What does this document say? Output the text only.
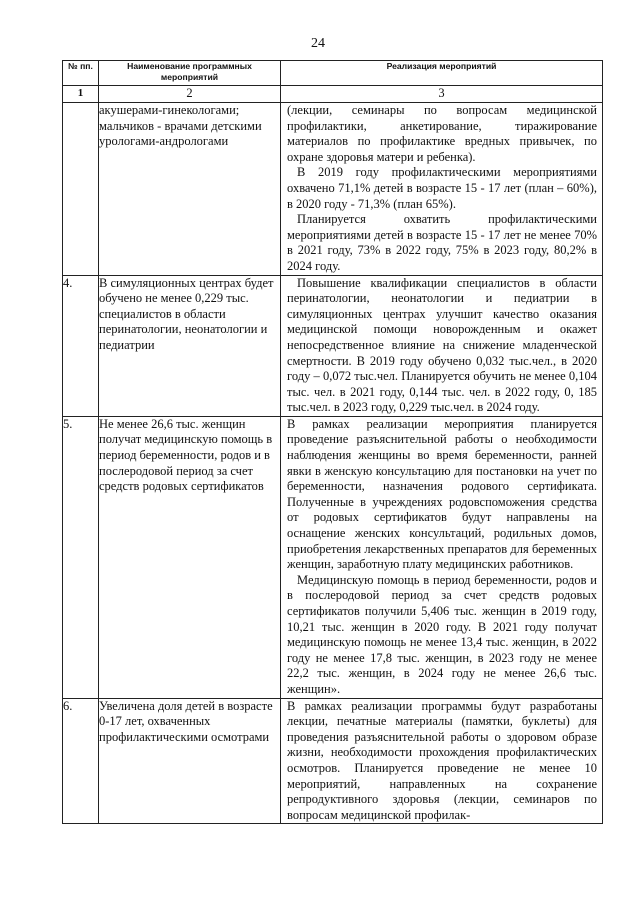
24
№ пп.	Наименование программных мероприятий	Реализация мероприятий
1	2	3
	акушерами-гинекологами; мальчиков - врачами детскими урологами-андрологами	(лекции, семинары по вопросам медицинской профилактики, анкетирование, тиражирование материалов по профилактике вредных привычек, по охране здоровья матери и ребенка).

В 2019 году профилактическими мероприятиями охвачено 71,1% детей в возрасте 15 - 17 лет (план – 60%), в 2020 году - 71,3% (план 65%).

Планируется охватить профилактическими мероприятиями детей в возрасте 15 - 17 лет не менее 70% в 2021 году, 73% в 2022 году, 75% в 2023 году, 80,2% в 2024 году.

4.	В симуляционных центрах будет обучено не менее 0,229 тыс. специалистов в области перинатологии, неонатологии и педиатрии	Повышение квалификации специалистов в области перинатологии, неонатологии и педиатрии в симуляционных центрах улучшит качество оказания медицинской помощи новорожденным и окажет непосредственное влияние на снижение младенческой смертности. В 2019 году обучено 0,032 тыс.чел., в 2020 году – 0,072 тыс.чел. Планируется обучить не менее 0,104 тыс. чел. в 2021 году, 0,144 тыс. чел. в 2022 году, 0, 185 тыс.чел. в 2023 году, 0,229 тыс.чел. в 2024 году.

5.	Не менее 26,6 тыс. женщин получат медицинскую помощь в период беременности, родов и в послеродовой период за счет средств родовых сертификатов	В рамках реализации мероприятия планируется проведение разъяснительной работы о необходимости наблюдения женщины во время беременности, ранней явки в женскую консультацию для постановки на учет по беременности, назначения родового сертификата. Полученные в учреждениях родовспоможения средства от родовых сертификатов будут направлены на оснащение женских консультаций, родильных домов, приобретения лекарственных препаратов для беременных женщин, заработную плату медицинских работников.

Медицинскую помощь в период беременности, родов и в послеродовой период за счет средств родовых сертификатов получили 5,406 тыс. женщин в 2019 году, 10,21 тыс. женщин в 2020 году. В 2021 году получат медицинскую помощь не менее 13,4 тыс. женщин, в 2022 году не менее 17,8 тыс. женщин, в 2023 году не менее 22,2 тыс. женщин, в 2024 году не менее 26,6 тыс. женщин».

6.	Увеличена доля детей в возрасте 0-17 лет, охваченных профилактическими осмотрами	В рамках реализации программы будут разработаны лекции, печатные материалы (памятки, буклеты) для проведения разъяснительной работы о здоровом образе жизни, необходимости прохождения профилактических осмотров. Планируется проведение не менее 10 мероприятий, направленных на сохранение репродуктивного здоровья (лекции, семинаров по вопросам медицинской профилак-
